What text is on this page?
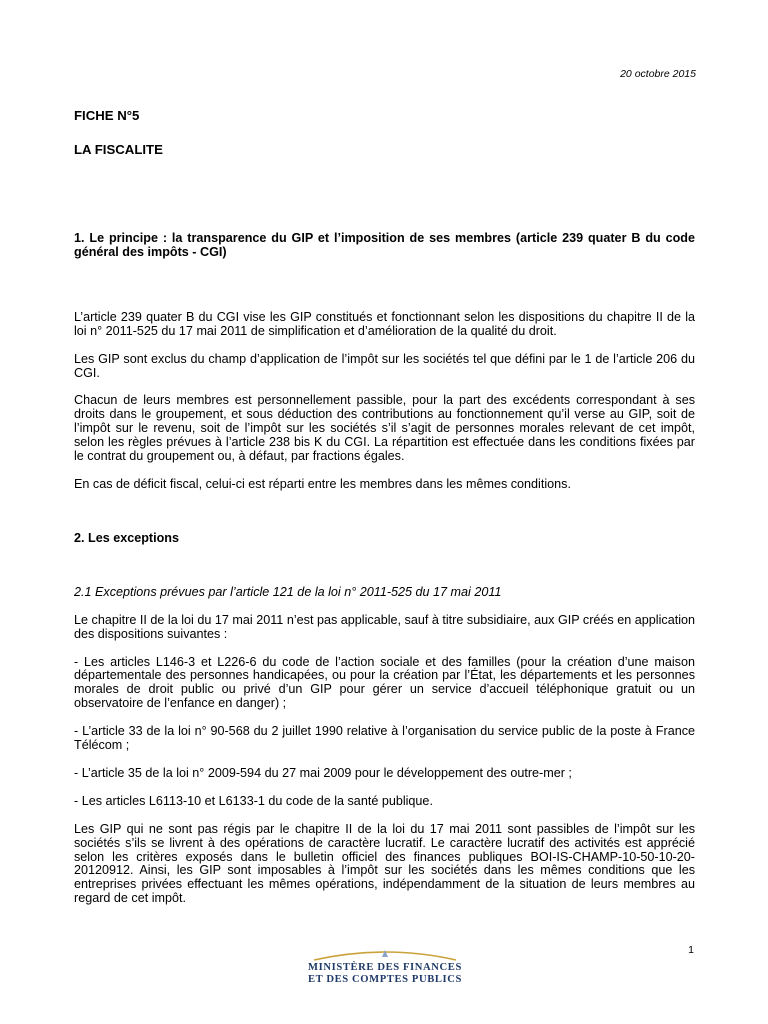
20 octobre 2015
FICHE N°5
LA FISCALITE

1. Le principe : la transparence du GIP et l’imposition de ses membres (article 239 quater B du code général des impôts - CGI)

L’article 239 quater B du CGI vise les GIP constitués et fonctionnant selon les dispositions du chapitre II de la loi n° 2011-525 du 17 mai 2011 de simplification et d’amélioration de la qualité du droit.

Les GIP sont exclus du champ d’application de l’impôt sur les sociétés tel que défini par le 1 de l’article 206 du CGI.

Chacun de leurs membres est personnellement passible, pour la part des excédents correspondant à ses droits dans le groupement, et sous déduction des contributions au fonctionnement qu’il verse au GIP, soit de l’impôt sur le revenu, soit de l’impôt sur les sociétés s’il s’agit de personnes morales relevant de cet impôt, selon les règles prévues à l’article 238 bis K du CGI. La répartition est effectuée dans les conditions fixées par le contrat du groupement ou, à défaut, par fractions égales.

En cas de déficit fiscal, celui-ci est réparti entre les membres dans les mêmes conditions.

2. Les exceptions

2.1 Exceptions prévues par l’article 121 de la loi n° 2011-525 du 17 mai 2011

Le chapitre II de la loi du 17 mai 2011 n’est pas applicable, sauf à titre subsidiaire, aux GIP créés en application des dispositions suivantes :

- Les articles L146-3 et L226-6 du code de l’action sociale et des familles (pour la création d’une maison départementale des personnes handicapées, ou pour la création par l’État, les départements et les personnes morales de droit public ou privé d’un GIP pour gérer un service d’accueil téléphonique gratuit ou un observatoire de l’enfance en danger) ;

- L’article 33 de la loi n° 90-568 du 2 juillet 1990 relative à l’organisation du service public de la poste à France Télécom ;

- L’article 35 de la loi n° 2009-594 du 27 mai 2009 pour le développement des outre-mer ;

- Les articles L6113-10 et L6133-1 du code de la santé publique.

Les GIP qui ne sont pas régis par le chapitre II de la loi du 17 mai 2011 sont passibles de l’impôt sur les sociétés s’ils se livrent à des opérations de caractère lucratif. Le caractère lucratif des activités est apprécié selon les critères exposés dans le bulletin officiel des finances publiques BOI-IS-CHAMP-10-50-10-20-20120912. Ainsi, les GIP sont imposables à l’impôt sur les sociétés dans les mêmes conditions que les entreprises privées effectuant les mêmes opérations, indépendamment de la situation de leurs membres au regard de cet impôt.

1
MINISTÈRE DES FINANCES
ET DES COMPTES PUBLICS
